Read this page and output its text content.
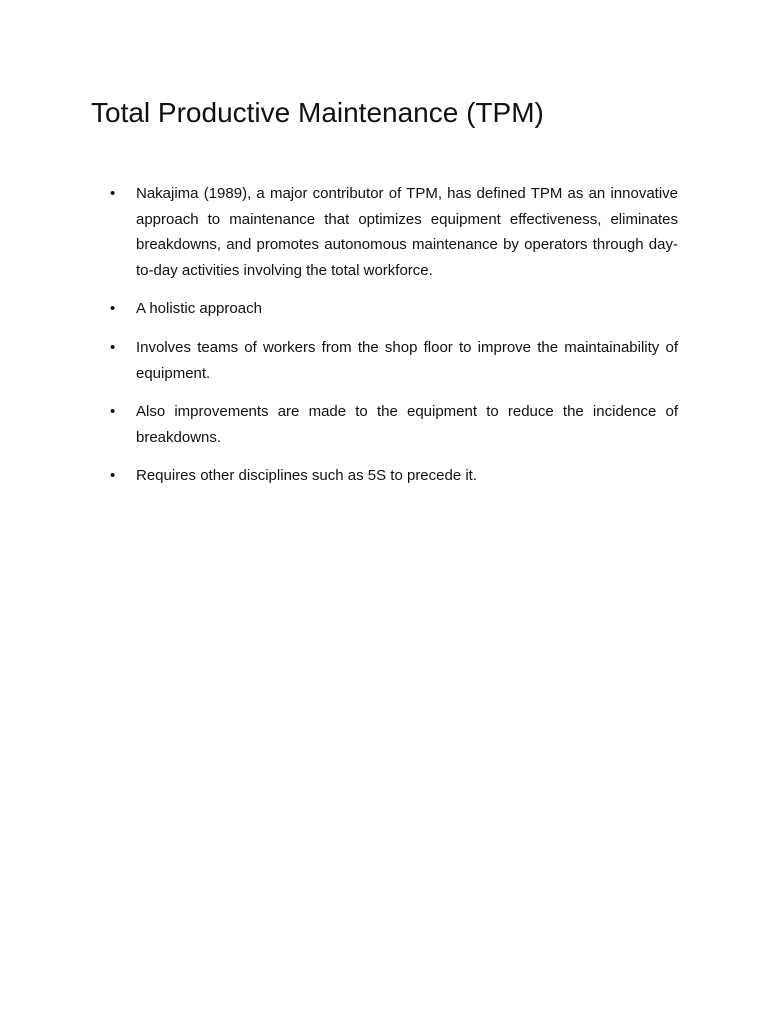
Total Productive Maintenance (TPM)
•	Nakajima (1989), a major contributor of TPM, has defined TPM as an innovative approach to maintenance that optimizes equipment effectiveness, eliminates breakdowns, and promotes autonomous maintenance by operators through day-to-day activities involving the total workforce.
•	A holistic approach
•	Involves teams of workers from the shop floor to improve the maintainability of equipment.
•	Also improvements are made to the equipment to reduce the incidence of breakdowns.
•	Requires other disciplines such as 5S to precede it.
